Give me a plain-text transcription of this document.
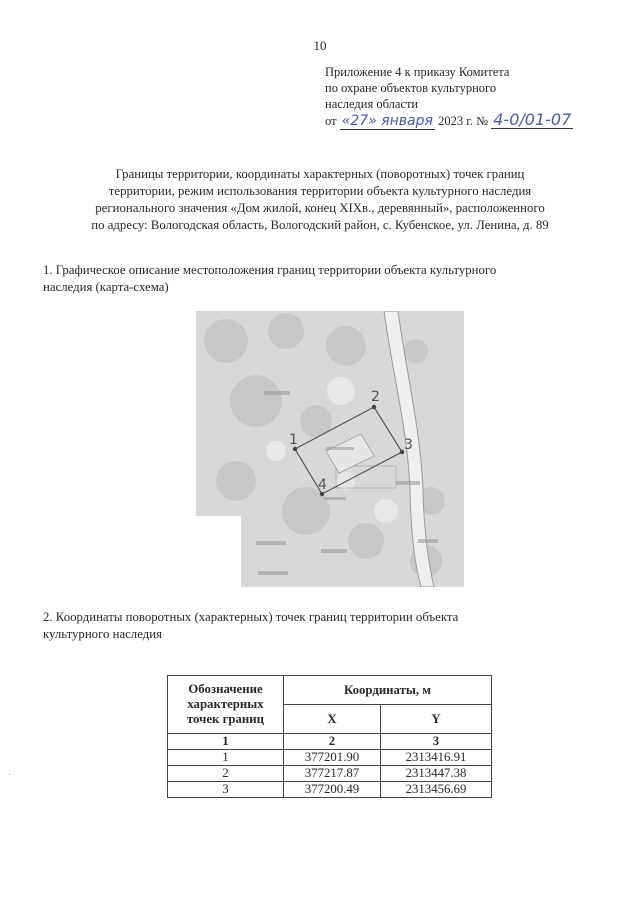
10
Приложение 4 к приказу Комитета
по охране объектов культурного
наследия области
от «27» января 2023 г. № 4-0/01-07
Границы территории, координаты характерных (поворотных) точек границ
территории, режим использования территории объекта культурного наследия
регионального значения «Дом жилой, конец XIXв., деревянный», расположенного
по адресу: Вологодская область, Вологодский район, с. Кубенское, ул. Ленина, д. 89
1. Графическое описание местоположения границ территории объекта культурного
наследия (карта-схема)
1
2
3
4
2. Координаты поворотных (характерных) точек границ территории объекта
культурного наследия
Обозначение характерных точек границ	Координаты, м	
	X	Y
1	2	3
1	377201.90	2313416.91
2	377217.87	2313447.38
3	377200.49	2313456.69
·
